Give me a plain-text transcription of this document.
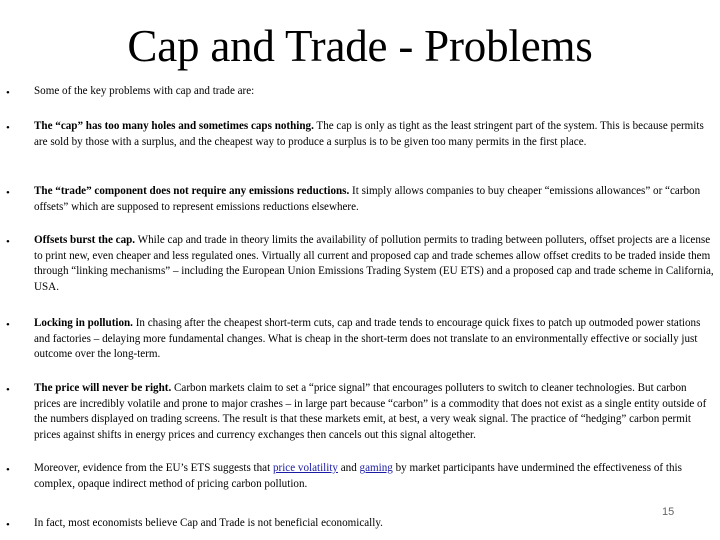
Cap and Trade - Problems
• Some of the key problems with cap and trade are:
• The “cap” has too many holes and sometimes caps nothing. The cap is only as tight as the least stringent part of the system. This is because permits are sold by those with a surplus, and the cheapest way to produce a surplus is to be given too many permits in the first place.
• The “trade” component does not require any emissions reductions. It simply allows companies to buy cheaper “emissions allowances” or “carbon offsets” which are supposed to represent emissions reductions elsewhere.
• Offsets burst the cap. While cap and trade in theory limits the availability of pollution permits to trading between polluters, offset projects are a license to print new, even cheaper and less regulated ones. Virtually all current and proposed cap and trade schemes allow offset credits to be traded inside them through “linking mechanisms” – including the European Union Emissions Trading System (EU ETS) and a proposed cap and trade scheme in California, USA.
• Locking in pollution. In chasing after the cheapest short-term cuts, cap and trade tends to encourage quick fixes to patch up outmoded power stations and factories – delaying more fundamental changes. What is cheap in the short-term does not translate to an environmentally effective or socially just outcome over the long-term.
• The price will never be right. Carbon markets claim to set a “price signal” that encourages polluters to switch to cleaner technologies. But carbon prices are incredibly volatile and prone to major crashes – in large part because “carbon” is a commodity that does not exist as a single entity outside of the numbers displayed on trading screens. The result is that these markets emit, at best, a very weak signal. The practice of “hedging” carbon permit prices against shifts in energy prices and currency exchanges then cancels out this signal altogether.
• Moreover, evidence from the EU’s ETS suggests that price volatility and gaming by market participants have undermined the effectiveness of this complex, opaque indirect method of pricing carbon pollution.
• In fact, most economists believe Cap and Trade is not beneficial economically.
15
